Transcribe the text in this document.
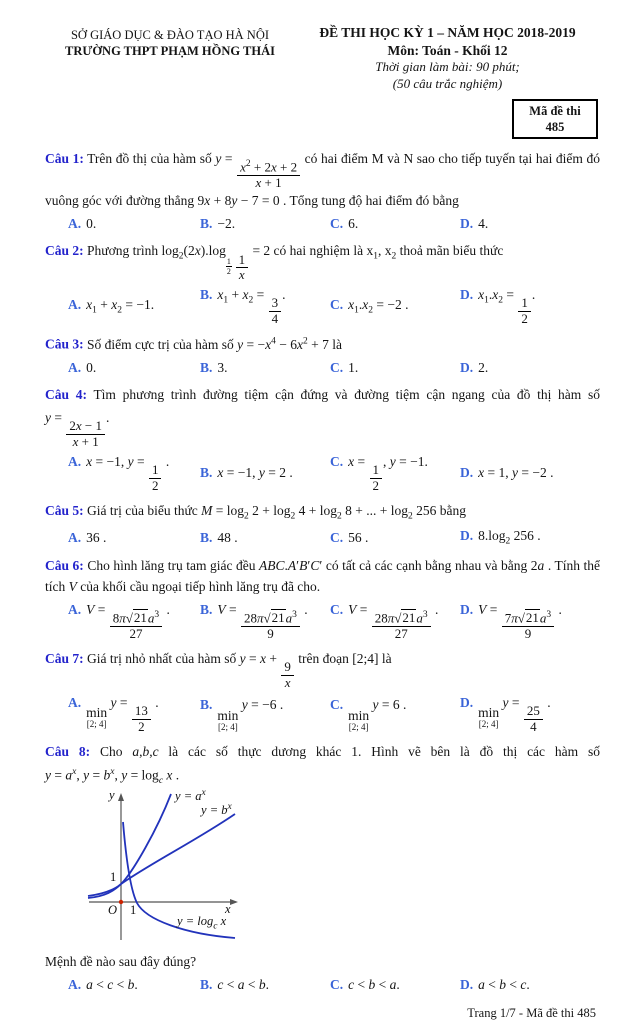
SỞ GIÁO DỤC & ĐÀO TẠO HÀ NỘI
TRƯỜNG THPT PHẠM HỒNG THÁI
ĐỀ THI HỌC KỲ 1 – NĂM HỌC 2018-2019
Môn: Toán - Khối 12
Thời gian làm bài: 90 phút;
(50 câu trắc nghiệm)
Mã đề thi
485

Câu 1: Trên đồ thị của hàm số y =
$\frac{x^2 + 2x + 2}{x + 1}$
có hai điểm M và N sao cho tiếp tuyến tại hai điểm đó vuông góc với đường thẳng 9x + 8y − 7 = 0 . Tổng tung độ hai điểm đó bằng

A. 0.	B. −2.	C. 6.	D. 4.

Câu 2: Phương trình $\log_2(2x).\log$
$_{\frac{1}{2}}$
  $\frac{1}{x}$
= 2 có hai nghiệm là $x_1$, $x_2$ thoả mãn biểu thức

A. $x_1 + x_2 = -1$.
B. $x_1 + x_2$ =
$\frac{3}{4}$
.
C. $x_1.x_2 = -2$ .
D. $x_1.x_2$ =
$\frac{1}{2}$
.

Câu 3: Số điểm cực trị của hàm số $y = -x^4 - 6x^2 + 7$ là

A. 0.	B. 3.	C. 1.	D. 2.

Câu 4: Tìm phương trình đường tiệm cận đứng và đường tiệm cận ngang của đồ thị hàm số

y =
$\frac{2x - 1}{x + 1}$
.

A. x = −1, y =
$\frac{1}{2}$
.
B. x = −1, y = 2 .
C. x =
$\frac{1}{2}$
, y = −1.
D. x = 1, y = −2 .

Câu 5: Giá trị của biểu thức $M = \log_2 2 + \log_2 4 + \log_2 8$ + ... + $\log_2 256$ bằng

A. 36 .	B. 48 .	C. 56 .	D. $8.\log_2$ 256 .

Câu 6: Cho hình lăng trụ tam giác đều ABC.A′B′C′ có tất cả các cạnh bằng nhau và bằng 2a . Tính thể tích V của khối cầu ngoại tiếp hình lăng trụ đã cho.

A. V =
$\frac{8\pi√21a^3}{27}$
.	B. V =
$\frac{28\pi√21a^3}{9}$
.	C. V =
$\frac{28\pi√21a^3}{27}$
.	D. V =
$\frac{7\pi√21a^3}{9}$
.

Câu 7: Giá trị nhỏ nhất của hàm số y = x +
$\frac{9}{x}$
trên đoạn [2;4] là

A.
min
[2; 4]
y =
$\frac{13}{2}$
.	B.
min
[2; 4]
y = −6 .	C.
min
[2; 4]
y = 6 .	D.
min
[2; 4]
y =
$\frac{25}{4}$
.

Câu 8: Cho a,b,c là các số thực dương khác 1. Hình vẽ bên là đồ thị các hàm số

$y = a^x$, $y = b^x$, $y = \log_c x$ .

y
x
O 1
1
$y = a^x$
$y = b^x$
$y = \log_c x$

Mệnh đề nào sau đây đúng?

A. a < c < b.	B. c < a < b.	C. c < b < a.	D. a < b < c.
Trang 1/7 - Mã đề thi 485
